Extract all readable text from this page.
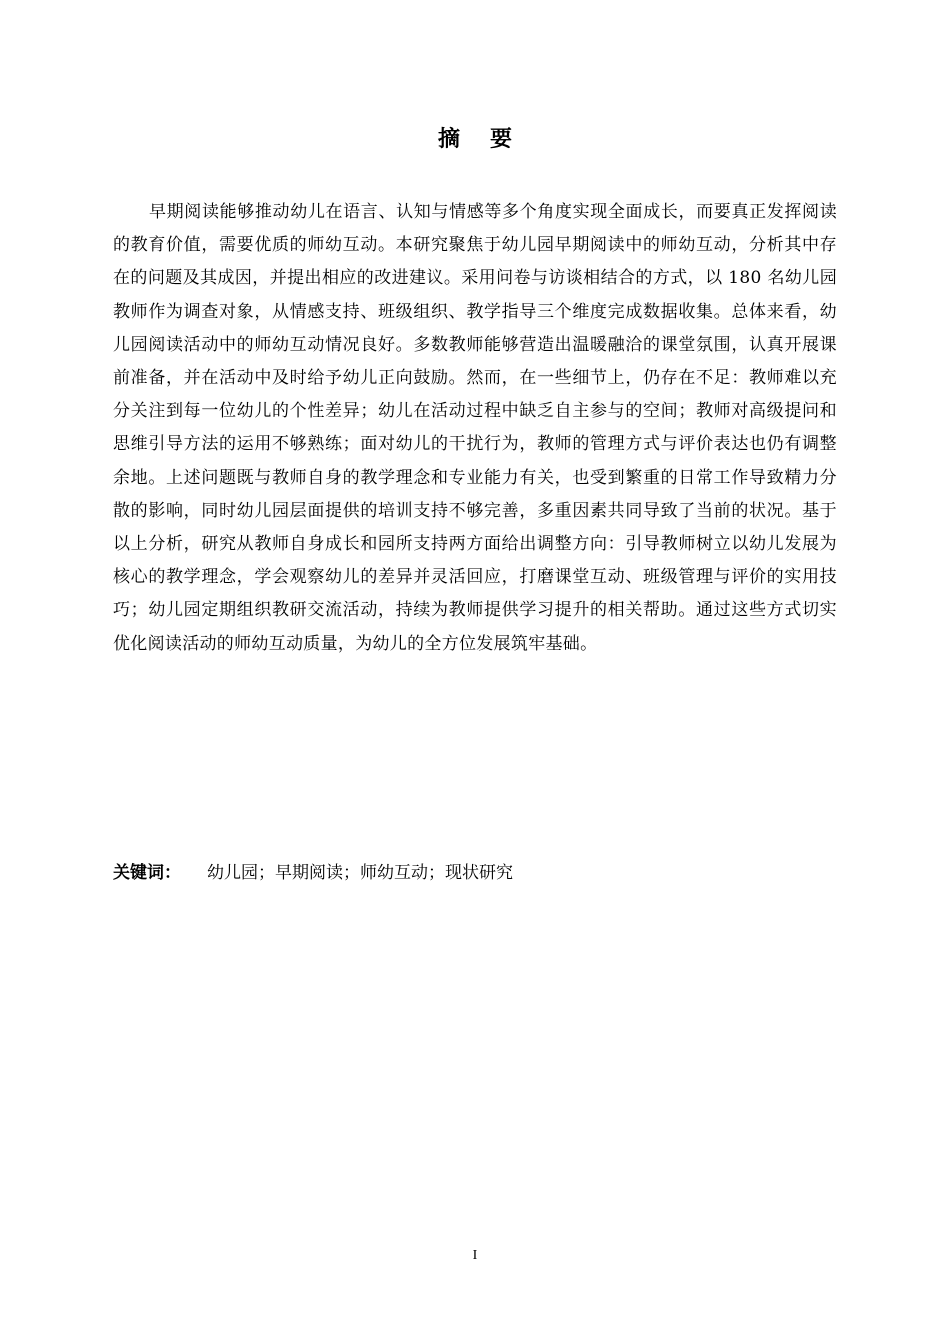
摘要

早期阅读能够推动幼儿在语言、认知与情感等多个角度实现全面成长，而要真正发挥阅读的教育价值，需要优质的师幼互动。本研究聚焦于幼儿园早期阅读中的师幼互动，分析其中存在的问题及其成因，并提出相应的改进建议。采用问卷与访谈相结合的方式，以 180 名幼儿园教师作为调查对象，从情感支持、班级组织、教学指导三个维度完成数据收集。总体来看，幼儿园阅读活动中的师幼互动情况良好。多数教师能够营造出温暖融洽的课堂氛围，认真开展课前准备，并在活动中及时给予幼儿正向鼓励。然而，在一些细节上，仍存在不足：教师难以充分关注到每一位幼儿的个性差异；幼儿在活动过程中缺乏自主参与的空间；教师对高级提问和思维引导方法的运用不够熟练；面对幼儿的干扰行为，教师的管理方式与评价表达也仍有调整余地。上述问题既与教师自身的教学理念和专业能力有关，也受到繁重的日常工作导致精力分散的影响，同时幼儿园层面提供的培训支持不够完善，多重因素共同导致了当前的状况。基于以上分析，研究从教师自身成长和园所支持两方面给出调整方向：引导教师树立以幼儿发展为核心的教学理念，学会观察幼儿的差异并灵活回应，打磨课堂互动、班级管理与评价的实用技巧；幼儿园定期组织教研交流活动，持续为教师提供学习提升的相关帮助。通过这些方式切实优化阅读活动的师幼互动质量，为幼儿的全方位发展筑牢基础。

关键词： 幼儿园；早期阅读；师幼互动；现状研究
I
